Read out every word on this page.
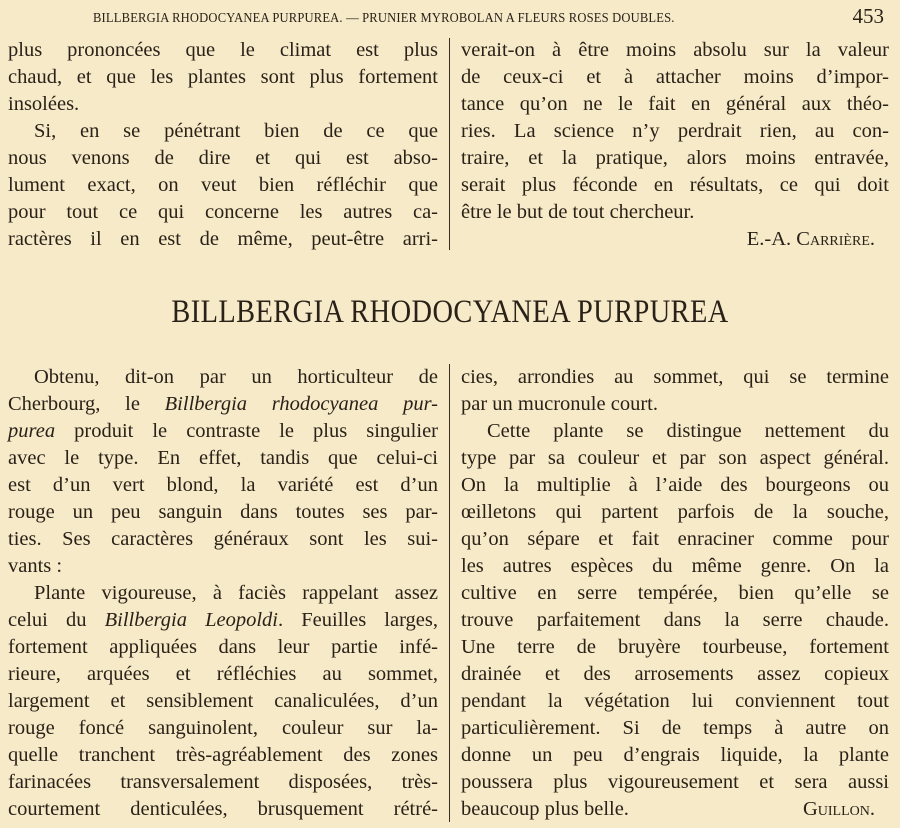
BILLBERGIA RHODOCYANEA PURPUREA. — PRUNIER MYROBOLAN A FLEURS ROSES DOUBLES.	453
plus prononcées que le climat est plus
chaud, et que les plantes sont plus fortement
insolées.
Si, en se pénétrant bien de ce que
nous venons de dire et qui est abso-
lument exact, on veut bien réfléchir que
pour tout ce qui concerne les autres ca-
ractères il en est de même, peut-être arri-
verait-on à être moins absolu sur la valeur
de ceux-ci et à attacher moins d’impor-
tance qu’on ne le fait en général aux théo-
ries. La science n’y perdrait rien, au con-
traire, et la pratique, alors moins entravée,
serait plus féconde en résultats, ce qui doit
être le but de tout chercheur.
E.-A. Carrière.
BILLBERGIA RHODOCYANEA PURPUREA
Obtenu, dit-on par un horticulteur de
Cherbourg, le Billbergia rhodocyanea pur-
purea produit le contraste le plus singulier
avec le type. En effet, tandis que celui-ci
est d’un vert blond, la variété est d’un
rouge un peu sanguin dans toutes ses par-
ties. Ses caractères généraux sont les sui-
vants :
Plante vigoureuse, à faciès rappelant assez
celui du Billbergia Leopoldi. Feuilles larges,
fortement appliquées dans leur partie infé-
rieure, arquées et réfléchies au sommet,
largement et sensiblement canaliculées, d’un
rouge foncé sanguinolent, couleur sur la-
quelle tranchent très-agréablement des zones
farinacées transversalement disposées, très-
courtement denticulées, brusquement rétré-
cies, arrondies au sommet, qui se termine
par un mucronule court.
Cette plante se distingue nettement du
type par sa couleur et par son aspect général.
On la multiplie à l’aide des bourgeons ou
œilletons qui partent parfois de la souche,
qu’on sépare et fait enraciner comme pour
les autres espèces du même genre. On la
cultive en serre tempérée, bien qu’elle se
trouve parfaitement dans la serre chaude.
Une terre de bruyère tourbeuse, fortement
drainée et des arrosements assez copieux
pendant la végétation lui conviennent tout
particulièrement. Si de temps à autre on
donne un peu d’engrais liquide, la plante
poussera plus vigoureusement et sera aussi
beaucoup plus belle.	Guillon.
